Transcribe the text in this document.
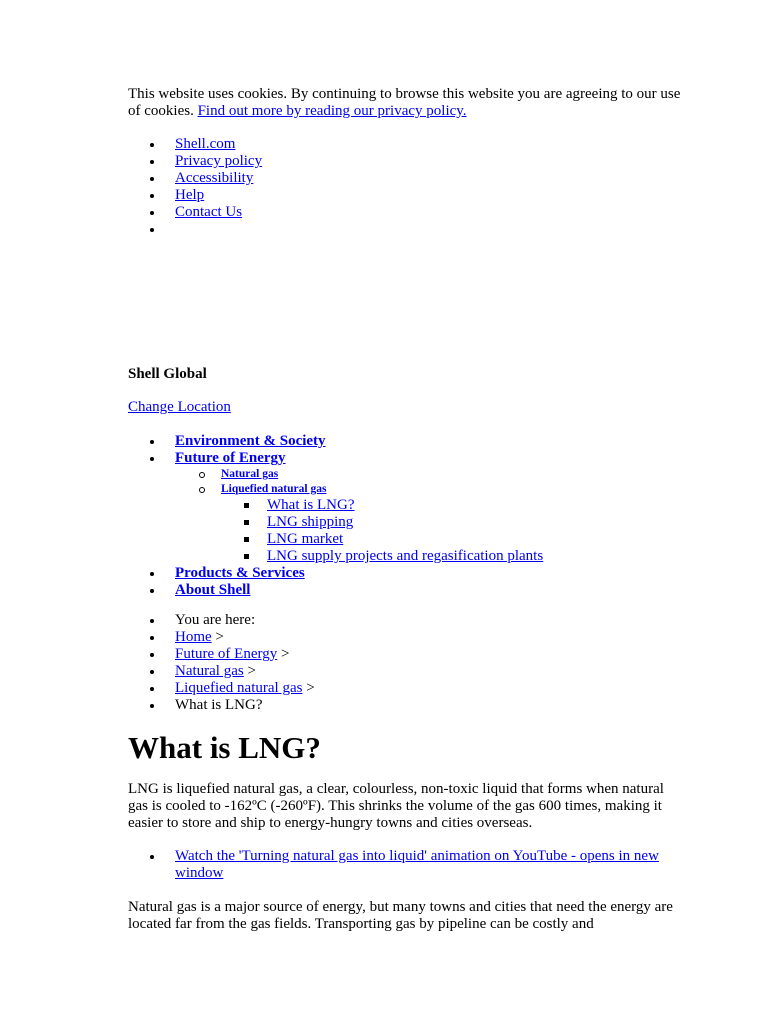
This website uses cookies. By continuing to browse this website you are agreeing to our use of cookies. Find out more by reading our privacy policy.

Shell.com
Privacy policy
Accessibility
Help
Contact Us

Shell Global

Change Location

Environment & Society
Future of Energy
Natural gas
Liquefied natural gas
What is LNG?
LNG shipping
LNG market
LNG supply projects and regasification plants
Products & Services
About Shell
You are here:
Home >
Future of Energy >
Natural gas >
Liquefied natural gas >
What is LNG?
What is LNG?

LNG is liquefied natural gas, a clear, colourless, non-toxic liquid that forms when natural gas is cooled to -162ºC (-260ºF). This shrinks the volume of the gas 600 times, making it easier to store and ship to energy-hungry towns and cities overseas.

Watch the 'Turning natural gas into liquid' animation on YouTube - opens in new window

Natural gas is a major source of energy, but many towns and cities that need the energy are located far from the gas fields. Transporting gas by pipeline can be costly and
